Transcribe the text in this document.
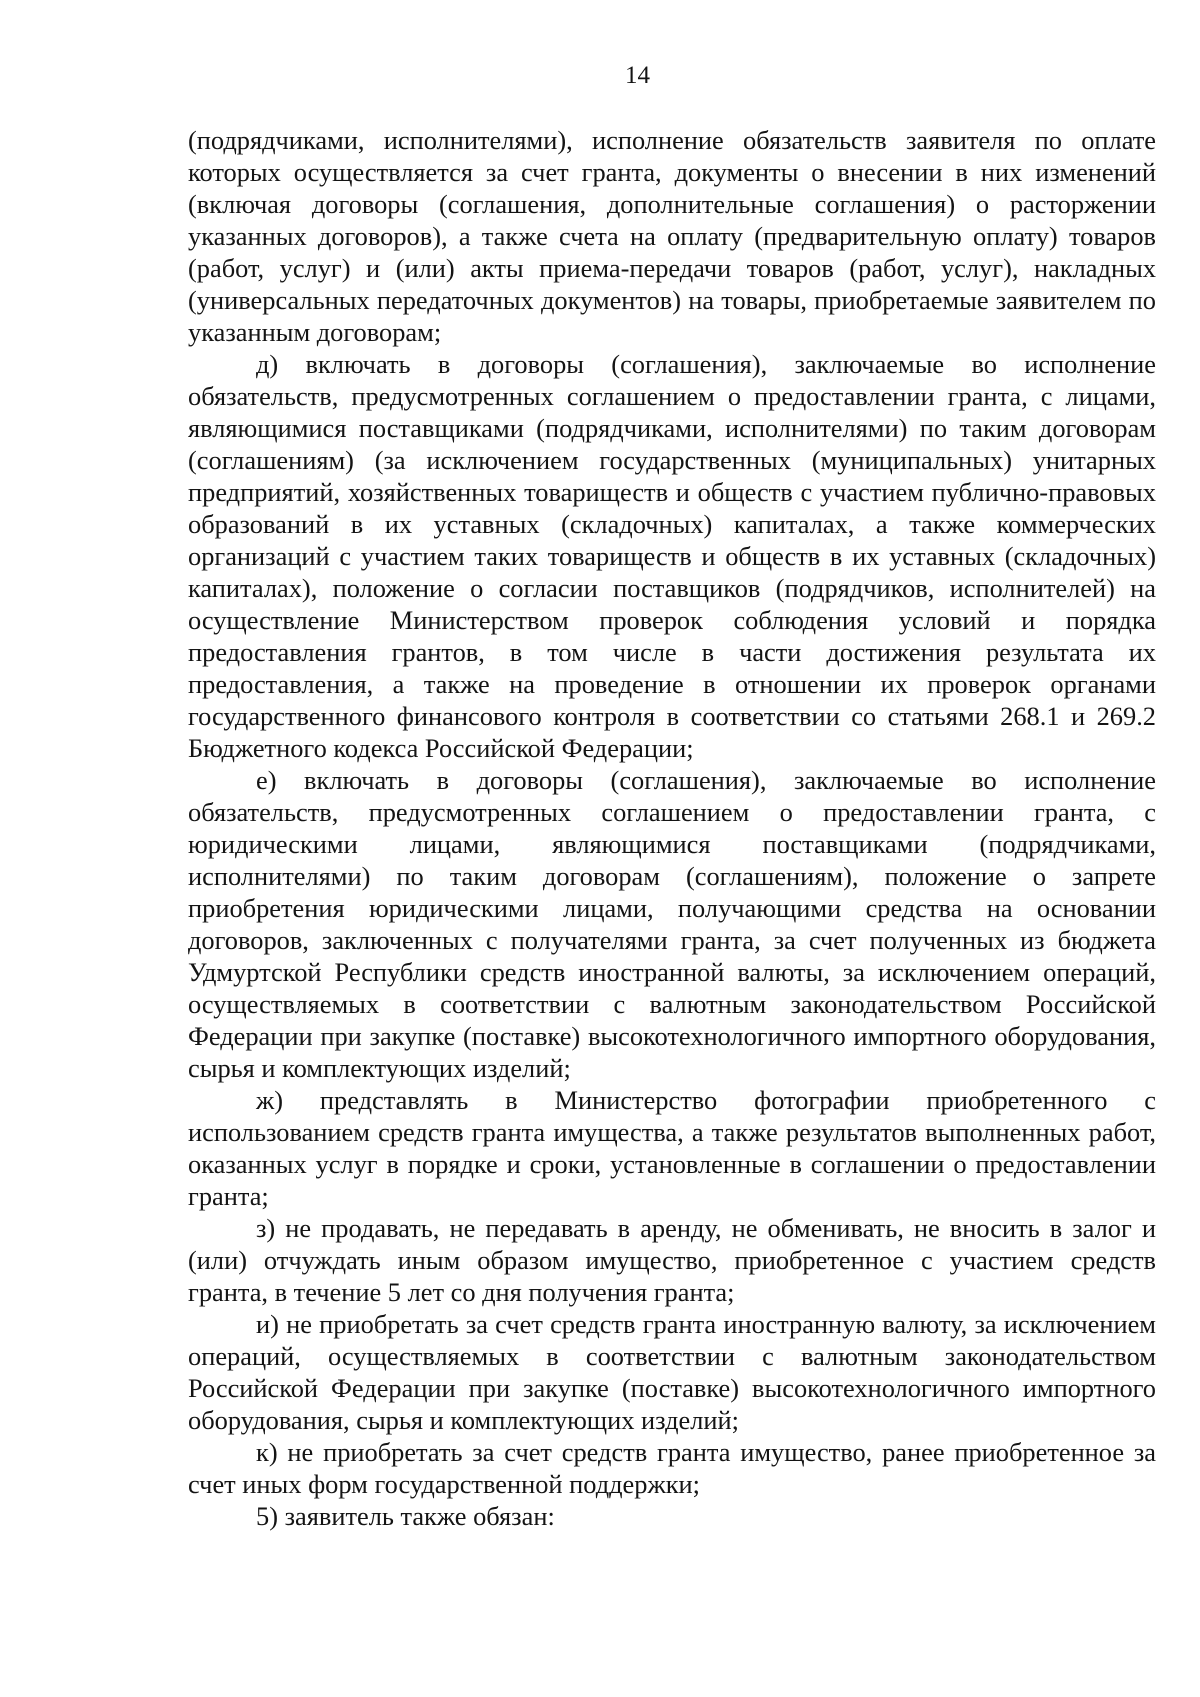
14

(подрядчиками, исполнителями), исполнение обязательств заявителя по оплате которых осуществляется за счет гранта, документы о внесении в них изменений (включая договоры (соглашения, дополнительные соглашения) о расторжении указанных договоров), а также счета на оплату (предварительную оплату) товаров (работ, услуг) и (или) акты приема-передачи товаров (работ, услуг), накладных (универсальных передаточных документов) на товары, приобретаемые заявителем по указанным договорам;

д) включать в договоры (соглашения), заключаемые во исполнение обязательств, предусмотренных соглашением о предоставлении гранта, с лицами, являющимися поставщиками (подрядчиками, исполнителями) по таким договорам (соглашениям) (за исключением государственных (муниципальных) унитарных предприятий, хозяйственных товариществ и обществ с участием публично-правовых образований в их уставных (складочных) капиталах, а также коммерческих организаций с участием таких товариществ и обществ в их уставных (складочных) капиталах), положение о согласии поставщиков (подрядчиков, исполнителей) на осуществление Министерством проверок соблюдения условий и порядка предоставления грантов, в том числе в части достижения результата их предоставления, а также на проведение в отношении их проверок органами государственного финансового контроля в соответствии со статьями 268.1 и 269.2 Бюджетного кодекса Российской Федерации;

е) включать в договоры (соглашения), заключаемые во исполнение обязательств, предусмотренных соглашением о предоставлении гранта, с юридическими лицами, являющимися поставщиками (подрядчиками, исполнителями) по таким договорам (соглашениям), положение о запрете приобретения юридическими лицами, получающими средства на основании договоров, заключенных с получателями гранта, за счет полученных из бюджета Удмуртской Республики средств иностранной валюты, за исключением операций, осуществляемых в соответствии с валютным законодательством Российской Федерации при закупке (поставке) высокотехнологичного импортного оборудования, сырья и комплектующих изделий;

ж) представлять в Министерство фотографии приобретенного с использованием средств гранта имущества, а также результатов выполненных работ, оказанных услуг в порядке и сроки, установленные в соглашении о предоставлении гранта;

з) не продавать, не передавать в аренду, не обменивать, не вносить в залог и (или) отчуждать иным образом имущество, приобретенное с участием средств гранта, в течение 5 лет со дня получения гранта;

и) не приобретать за счет средств гранта иностранную валюту, за исключением операций, осуществляемых в соответствии с валютным законодательством Российской Федерации при закупке (поставке) высокотехнологичного импортного оборудования, сырья и комплектующих изделий;

к) не приобретать за счет средств гранта имущество, ранее приобретенное за счет иных форм государственной поддержки;

5) заявитель также обязан:
